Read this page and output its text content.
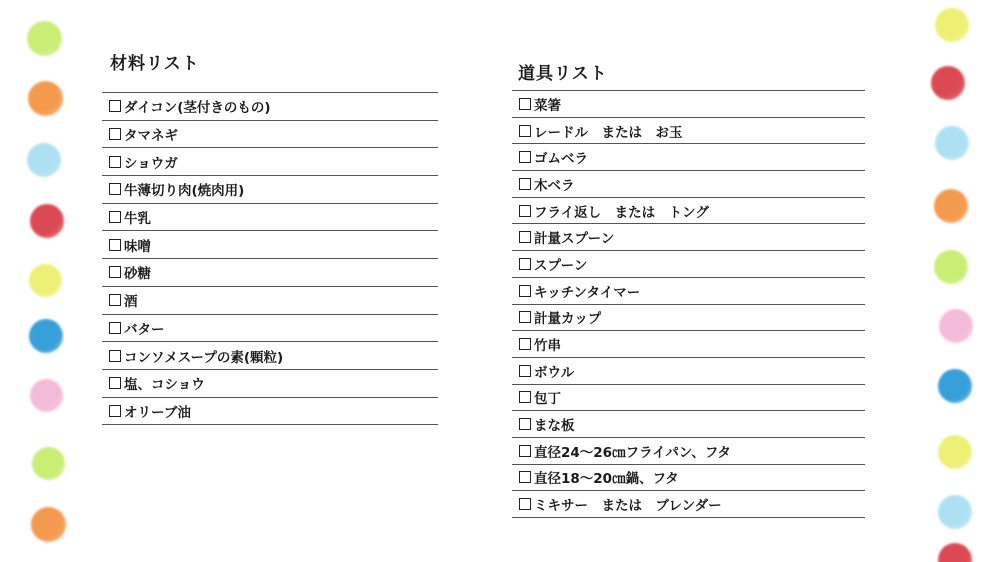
材料リスト
ダイコン(茎付きのもの)
タマネギ
ショウガ
牛薄切り肉(焼肉用)
牛乳
味噌
砂糖
酒
バター
コンソメスープの素(顆粒)
塩、コショウ
オリーブ油
道具リスト
菜箸
レードル　または　お玉
ゴムベラ
木ベラ
フライ返し　または　トング
計量スプーン
スプーン
キッチンタイマー
計量カップ
竹串
ボウル
包丁
まな板
直径24～26㎝フライパン、フタ
直径18～20㎝鍋、フタ
ミキサー　または　ブレンダー
